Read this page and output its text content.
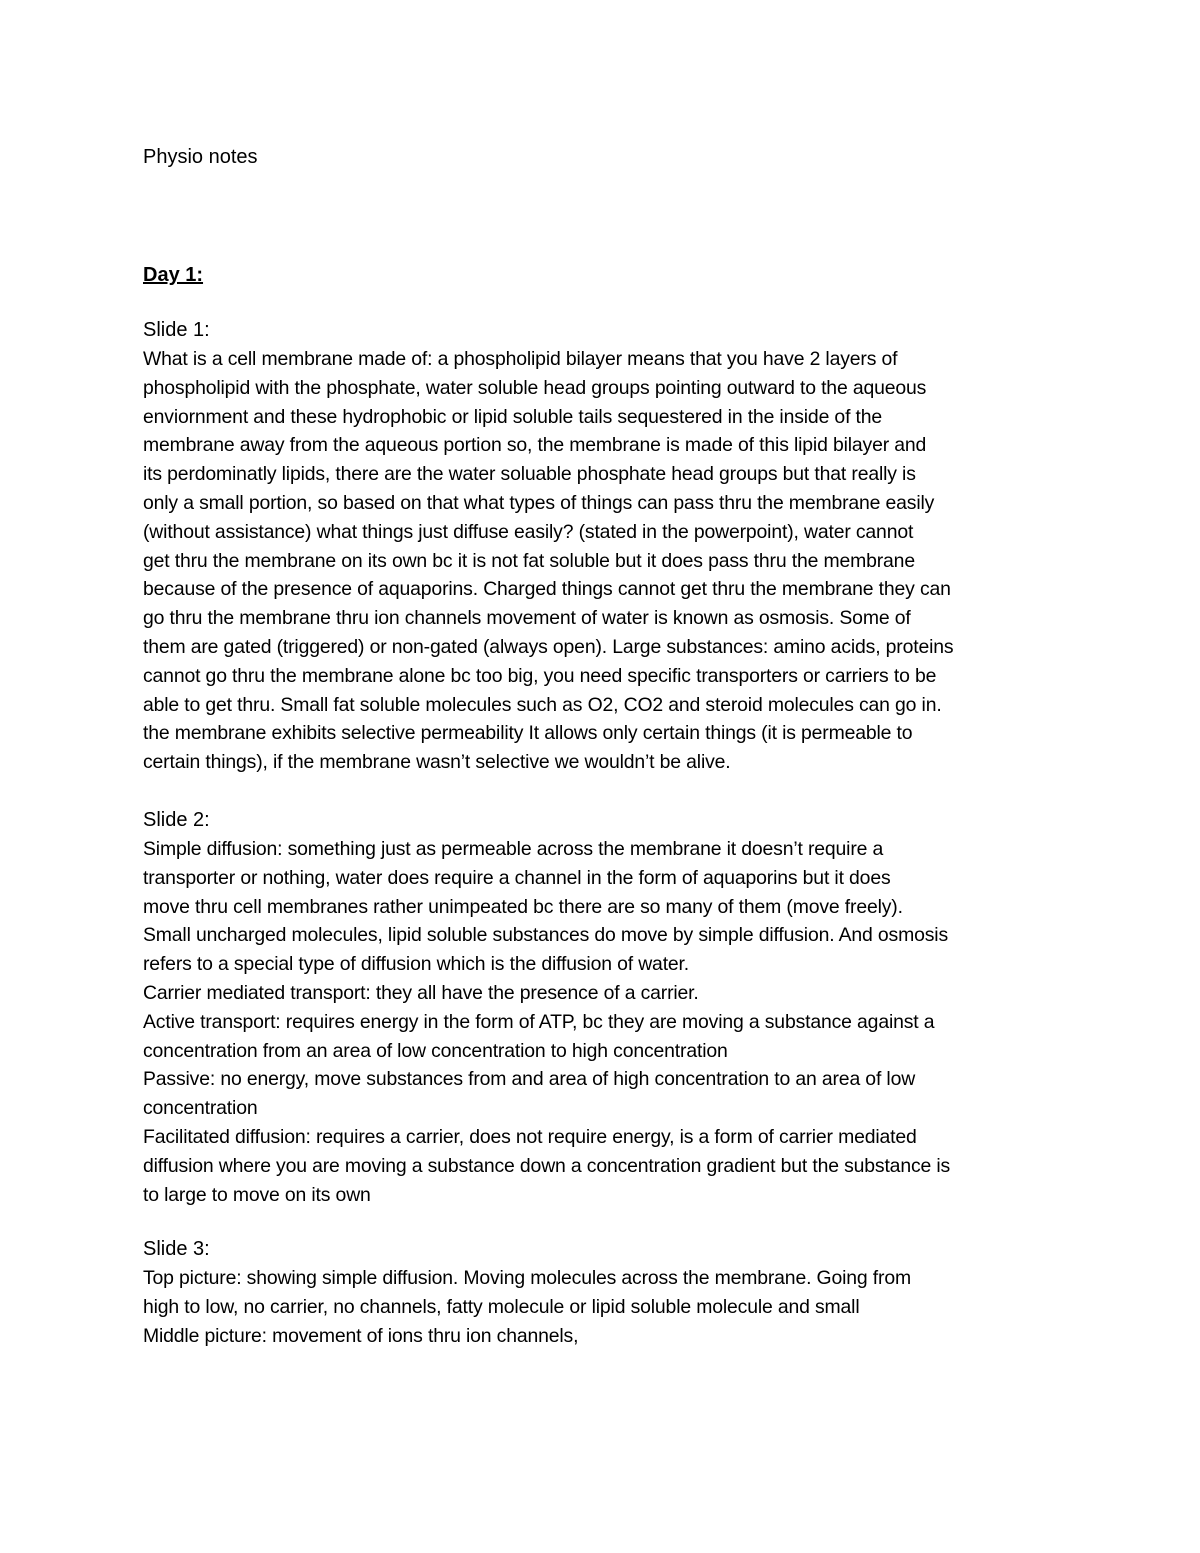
Physio notes
Day 1:
Slide 1:
What is a cell membrane made of: a phospholipid bilayer means that you have 2 layers of
phospholipid with the phosphate, water soluble head groups pointing outward to the aqueous
enviornment and these hydrophobic or lipid soluble tails sequestered in the inside of the
membrane away from the aqueous portion so, the membrane is made of this lipid bilayer and
its perdominatly lipids, there are the water soluable phosphate head groups but that really is
only a small portion, so based on that what types of things can pass thru the membrane easily
(without assistance) what things just diffuse easily? (stated in the powerpoint), water cannot
get thru the membrane on its own bc it is not fat soluble but it does pass thru the membrane
because of the presence of aquaporins. Charged things cannot get thru the membrane they can
go thru the membrane thru ion channels movement of water is known as osmosis. Some of
them are gated (triggered) or non-gated (always open). Large substances: amino acids, proteins
cannot go thru the membrane alone bc too big, you need specific transporters or carriers to be
able to get thru. Small fat soluble molecules such as O2, CO2 and steroid molecules can go in.
the membrane exhibits selective permeability It allows only certain things (it is permeable to
certain things), if the membrane wasn’t selective we wouldn’t be alive.
Slide 2:
Simple diffusion: something just as permeable across the membrane it doesn’t require a
transporter or nothing, water does require a channel in the form of aquaporins but it does
move thru cell membranes rather unimpeated bc there are so many of them (move freely).
Small uncharged molecules, lipid soluble substances do move by simple diffusion. And osmosis
refers to a special type of diffusion which is the diffusion of water.
Carrier mediated transport: they all have the presence of a carrier.
Active transport: requires energy in the form of ATP, bc they are moving a substance against a
concentration from an area of low concentration to high concentration
Passive: no energy, move substances from and area of high concentration to an area of low
concentration
Facilitated diffusion: requires a carrier, does not require energy, is a form of carrier mediated
diffusion where you are moving a substance down a concentration gradient but the substance is
to large to move on its own
Slide 3:
Top picture: showing simple diffusion. Moving molecules across the membrane. Going from
high to low, no carrier, no channels, fatty molecule or lipid soluble molecule and small
Middle picture: movement of ions thru ion channels,
